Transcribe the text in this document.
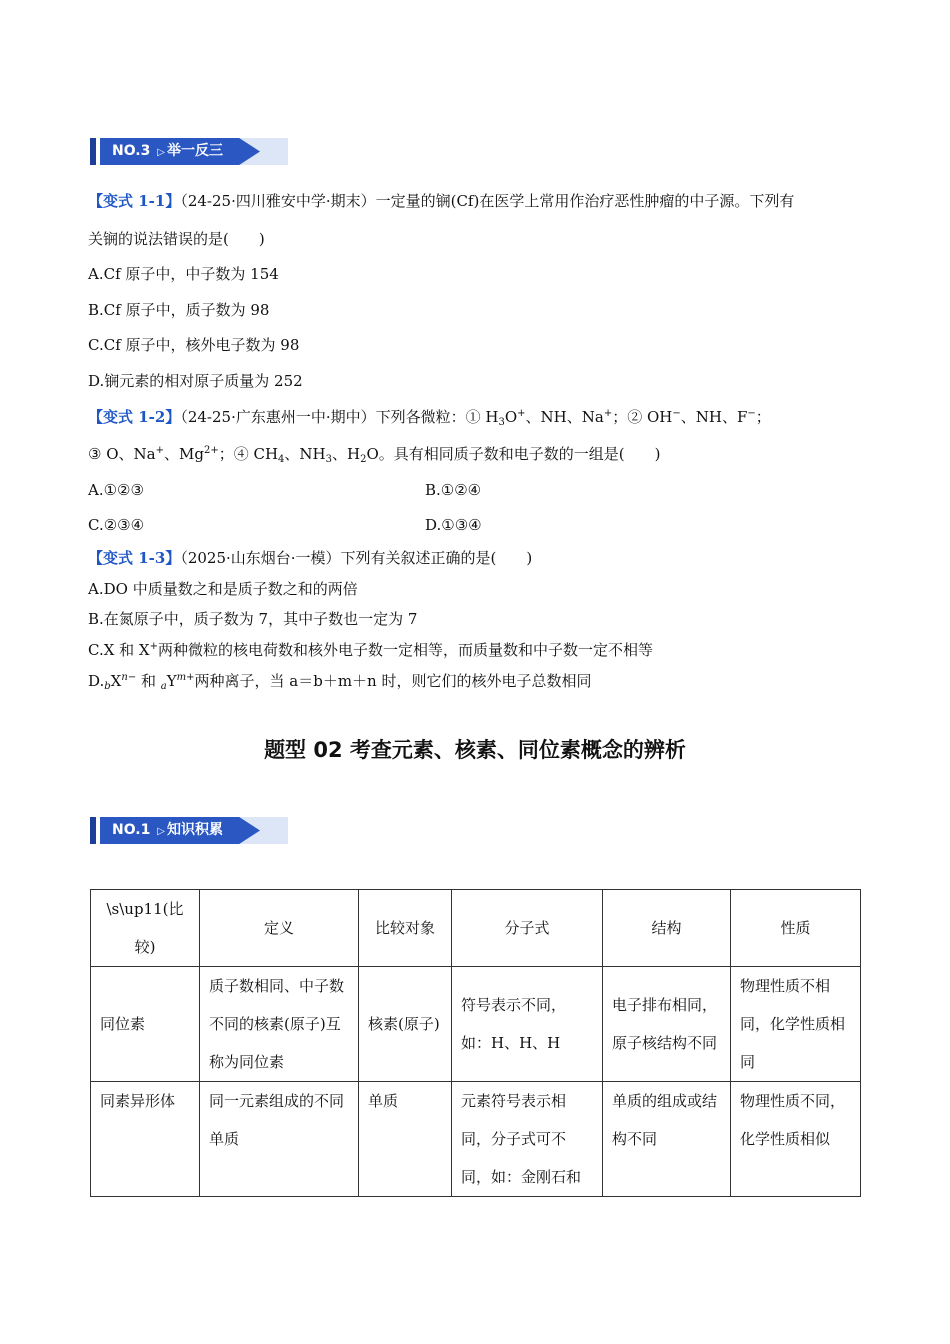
NO.3 ▷ 举一反三
【变式 1-1】（24-25·四川雅安中学·期末）一定量的锎(Cf)在医学上常用作治疗恶性肿瘤的中子源。下列有
关锎的说法错误的是(　　)
A.Cf 原子中，中子数为 154
B.Cf 原子中，质子数为 98
C.Cf 原子中，核外电子数为 98
D.锎元素的相对原子质量为 252
【变式 1-2】（24-25·广东惠州一中·期中）下列各微粒：① $H_3O^+$、NH、Na+；② OH−、NH、F−；
③ O、Na+、$Mg^{2+}$；④ $CH_4$、$NH_3$、$H_2O$。具有相同质子数和电子数的一组是(　　)
A.①②③	B.①②④
C.②③④	D.①③④
【变式 1-3】（2025·山东烟台·一模）下列有关叙述正确的是(　　)
A.DO 中质量数之和是质子数之和的两倍
B.在氮原子中，质子数为 7，其中子数也一定为 7
C.X 和 X+两种微粒的核电荷数和核外电子数一定相等，而质量数和中子数一定不相等
$D._bX^{n-}$ 和 $_aY^{m+}$两种离子，当 a＝b＋m＋n 时，则它们的核外电子总数相同
题型 02 考查元素、核素、同位素概念的辨析
NO.1 ▷ 知识积累
\s\up11(比较)	定义	比较对象	分子式	结构	性质
同位素	质子数相同、中子数不同的核素(原子)互称为同位素	核素(原子)	符号表示不同，如：H、H、H	电子排布相同，原子核结构不同	物理性质不相同，化学性质相同
同素异形体	同一元素组成的不同单质	单质	元素符号表示相同，分子式可不同，如：金刚石和	单质的组成或结构不同	物理性质不同，化学性质相似
